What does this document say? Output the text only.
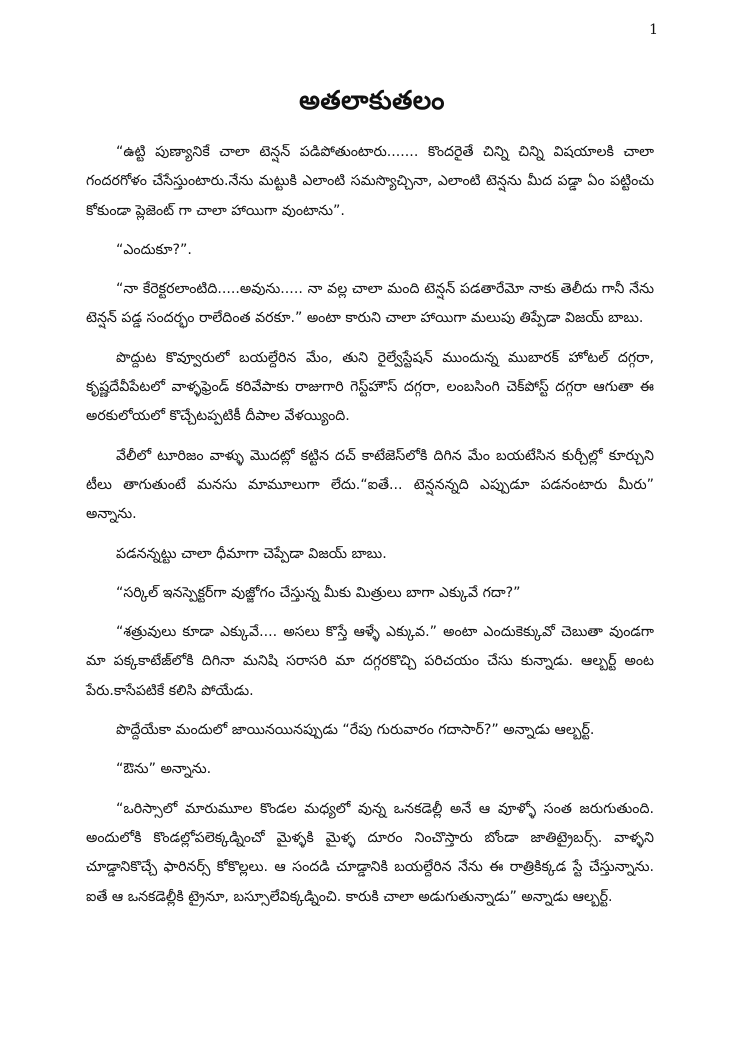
1
అతలాకుతలం

“ఉట్టి పుణ్యానికే చాలా టెన్షన్ పడిపోతుంటారు....... కొందరైతే చిన్ని చిన్ని విషయాలకి చాలా గందరగోళం చేసేస్తుంటారు.నేను మట్టుకి ఎలాంటి సమస్యొచ్చినా, ఎలాంటి టెన్షను మీద పడ్డా ఏం పట్టించు కోకుండా ప్లెజెంట్ గా చాలా హాయిగా వుంటాను”.

“ఎందుకూ?”.

“నా కేరెక్టరలాంటిది.....అవును..... నా వల్ల చాలా మంది టెన్షన్ పడతారేమో నాకు తెలీదు గానీ నేను టెన్షన్ పడ్డ సందర్భం రాలేదింత వరకూ.” అంటా కారుని చాలా హాయిగా మలుపు తిప్పేడా విజయ్ బాబు.

పొద్దుట కొవ్వూరులో బయల్దేరిన మేం, తుని రైల్వేస్టేషన్ ముందున్న ముబారక్ హోటల్ దగ్గరా, కృష్ణదేవీపేటలో వాళ్ళఫ్రెండ్ కరివేపాకు రాజుగారి గెస్ట్‌హౌస్ దగ్గరా, లంబసింగి చెక్‌పోస్ట్ దగ్గరా ఆగుతా ఈ అరకులోయలో కొచ్చేటప్పటికీ దీపాల వేళయ్యింది.

వేలీలో టూరిజం వాళ్ళు మొదట్లో కట్టిన దచ్ కాటేజెస్‌లోకి దిగిన మేం బయటేసిన కుర్చీల్లో కూర్చుని టీలు తాగుతుంటే మనసు మామూలుగా లేదు.“ఐతే... టెన్షనన్నది ఎప్పుడూ పడనంటారు మీరు” అన్నాను.

పడనన్నట్టు చాలా ధీమాగా చెప్పేడా విజయ్ బాబు.

“సర్కిల్ ఇనస్పెక్టర్‌గా వుజ్జోగం చేస్తున్న మీకు మిత్రులు బాగా ఎక్కువే గదా?”

“శత్రువులు కూడా ఎక్కువే.... అసలు కొస్తే ఆళ్ళే ఎక్కువ.” అంటా ఎందుకెక్కువో చెబుతా వుండగా మా పక్కకాటేజ్‌లోకి దిగినా మనిషి సరాసరి మా దగ్గరకొచ్చి పరిచయం చేసు కున్నాడు. ఆల్బర్ట్ అంట పేరు.కాసేపటికే కలిసి పోయేడు.

పొద్దేయేకా మందులో జాయినయినప్పుడు “రేపు గురువారం గదాసార్?” అన్నాడు ఆల్బర్ట్.

“ఔను” అన్నాను.

“ఒరిస్సాలో మారుమూల కొండల మధ్యలో వున్న ఒనకడెల్లీ అనే ఆ వూళ్ళో సంత జరుగుతుంది. అందులోకి కొండల్లోపలెక్కడ్నించో మైళ్ళకి మైళ్ళ దూరం నించొస్తారు బోండా జాతిట్రైబర్స్. వాళ్ళని చూడ్డానికొచ్చే ఫారినర్స్ కోకొల్లలు. ఆ సందడి చూడ్డానికి బయల్దేరిన నేను ఈ రాత్రికిక్కడ స్టే చేస్తున్నాను. ఐతే ఆ ఒనకడెల్లీకి ట్రైనూ, బస్సూలేవిక్కడ్నించి. కారుకి చాలా అడుగుతున్నాడు” అన్నాడు ఆల్బర్ట్.
